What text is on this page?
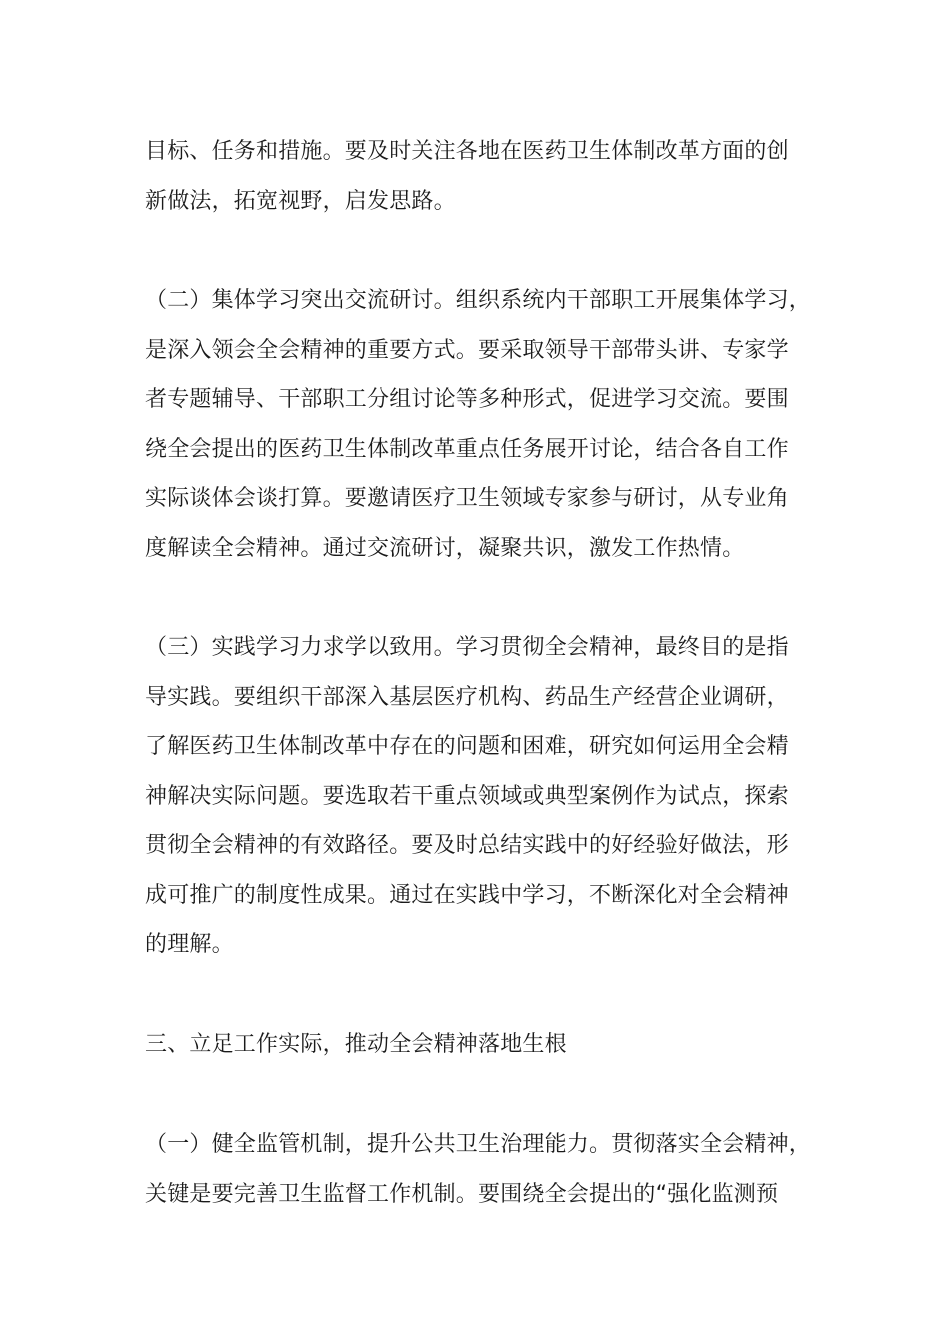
目标、任务和措施。要及时关注各地在医药卫生体制改革方面的创
新做法，拓宽视野，启发思路。
（二）集体学习突出交流研讨。组织系统内干部职工开展集体学习，
是深入领会全会精神的重要方式。要采取领导干部带头讲、专家学
者专题辅导、干部职工分组讨论等多种形式，促进学习交流。要围
绕全会提出的医药卫生体制改革重点任务展开讨论，结合各自工作
实际谈体会谈打算。要邀请医疗卫生领域专家参与研讨，从专业角
度解读全会精神。通过交流研讨，凝聚共识，激发工作热情。
（三）实践学习力求学以致用。学习贯彻全会精神，最终目的是指
导实践。要组织干部深入基层医疗机构、药品生产经营企业调研，
了解医药卫生体制改革中存在的问题和困难，研究如何运用全会精
神解决实际问题。要选取若干重点领域或典型案例作为试点，探索
贯彻全会精神的有效路径。要及时总结实践中的好经验好做法，形
成可推广的制度性成果。通过在实践中学习，不断深化对全会精神
的理解。
三、立足工作实际，推动全会精神落地生根
（一）健全监管机制，提升公共卫生治理能力。贯彻落实全会精神，
关键是要完善卫生监督工作机制。要围绕全会提出的“强化监测预
